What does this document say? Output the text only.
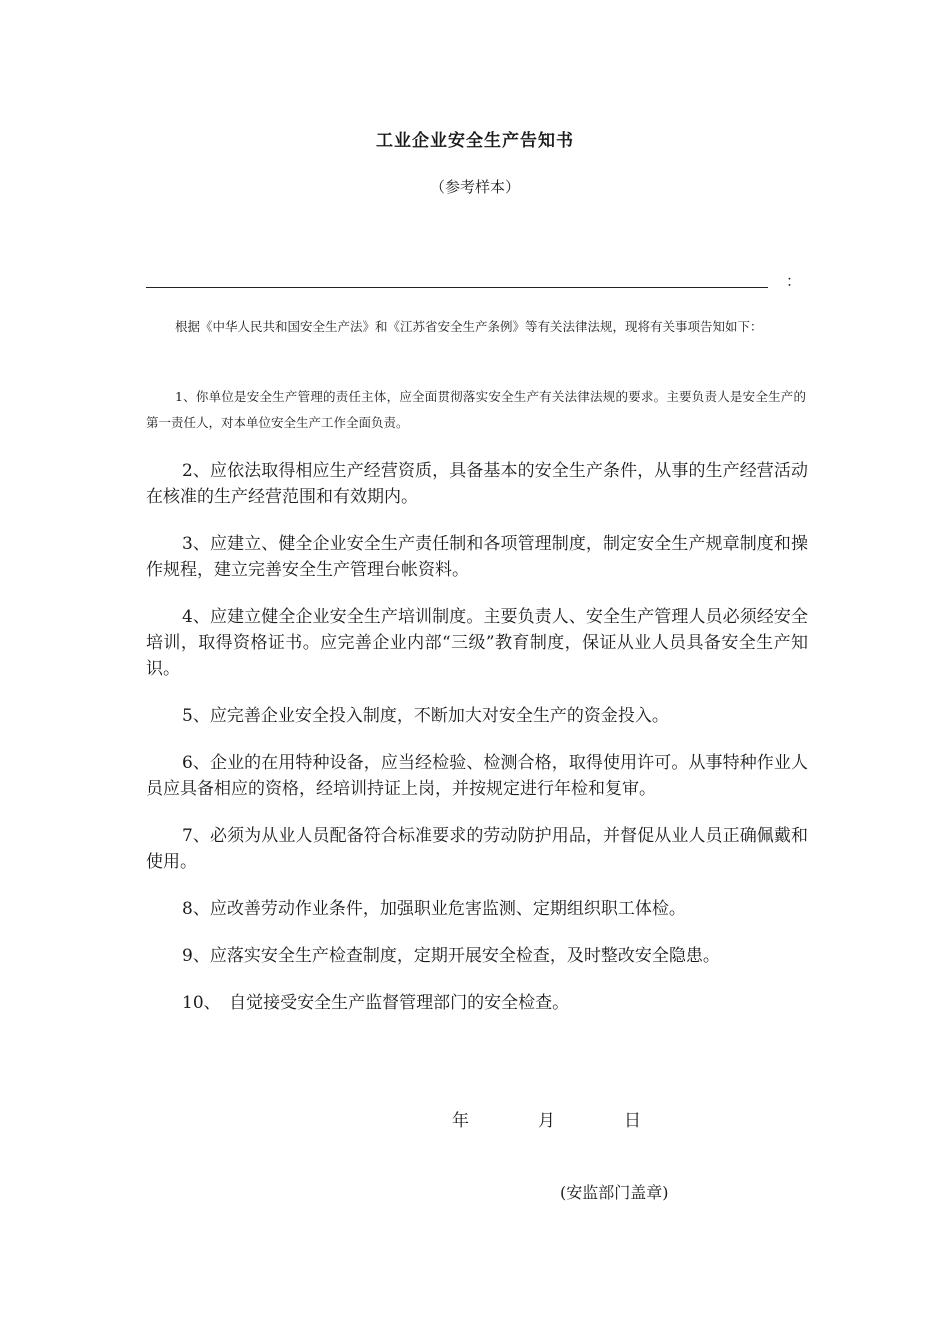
工业企业安全生产告知书
（参考样本）
：

根据《中华人民共和国安全生产法》和《江苏省安全生产条例》等有关法律法规，现将有关事项告知如下：

1、你单位是安全生产管理的责任主体，应全面贯彻落实安全生产有关法律法规的要求。主要负责人是安全生产的第一责任人，对本单位安全生产工作全面负责。

2、应依法取得相应生产经营资质，具备基本的安全生产条件，从事的生产经营活动在核准的生产经营范围和有效期内。
3、应建立、健全企业安全生产责任制和各项管理制度，制定安全生产规章制度和操作规程，建立完善安全生产管理台帐资料。
4、应建立健全企业安全生产培训制度。主要负责人、安全生产管理人员必须经安全培训，取得资格证书。应完善企业内部“三级”教育制度，保证从业人员具备安全生产知识。
5、应完善企业安全投入制度，不断加大对安全生产的资金投入。
6、企业的在用特种设备，应当经检验、检测合格，取得使用许可。从事特种作业人员应具备相应的资格，经培训持证上岗，并按规定进行年检和复审。
7、必须为从业人员配备符合标准要求的劳动防护用品，并督促从业人员正确佩戴和使用。
8、应改善劳动作业条件，加强职业危害监测、定期组织职工体检。
9、应落实安全生产检查制度，定期开展安全检查，及时整改安全隐患。
10、　自觉接受安全生产监督管理部门的安全检查。
年	月	日
(安监部门盖章)
